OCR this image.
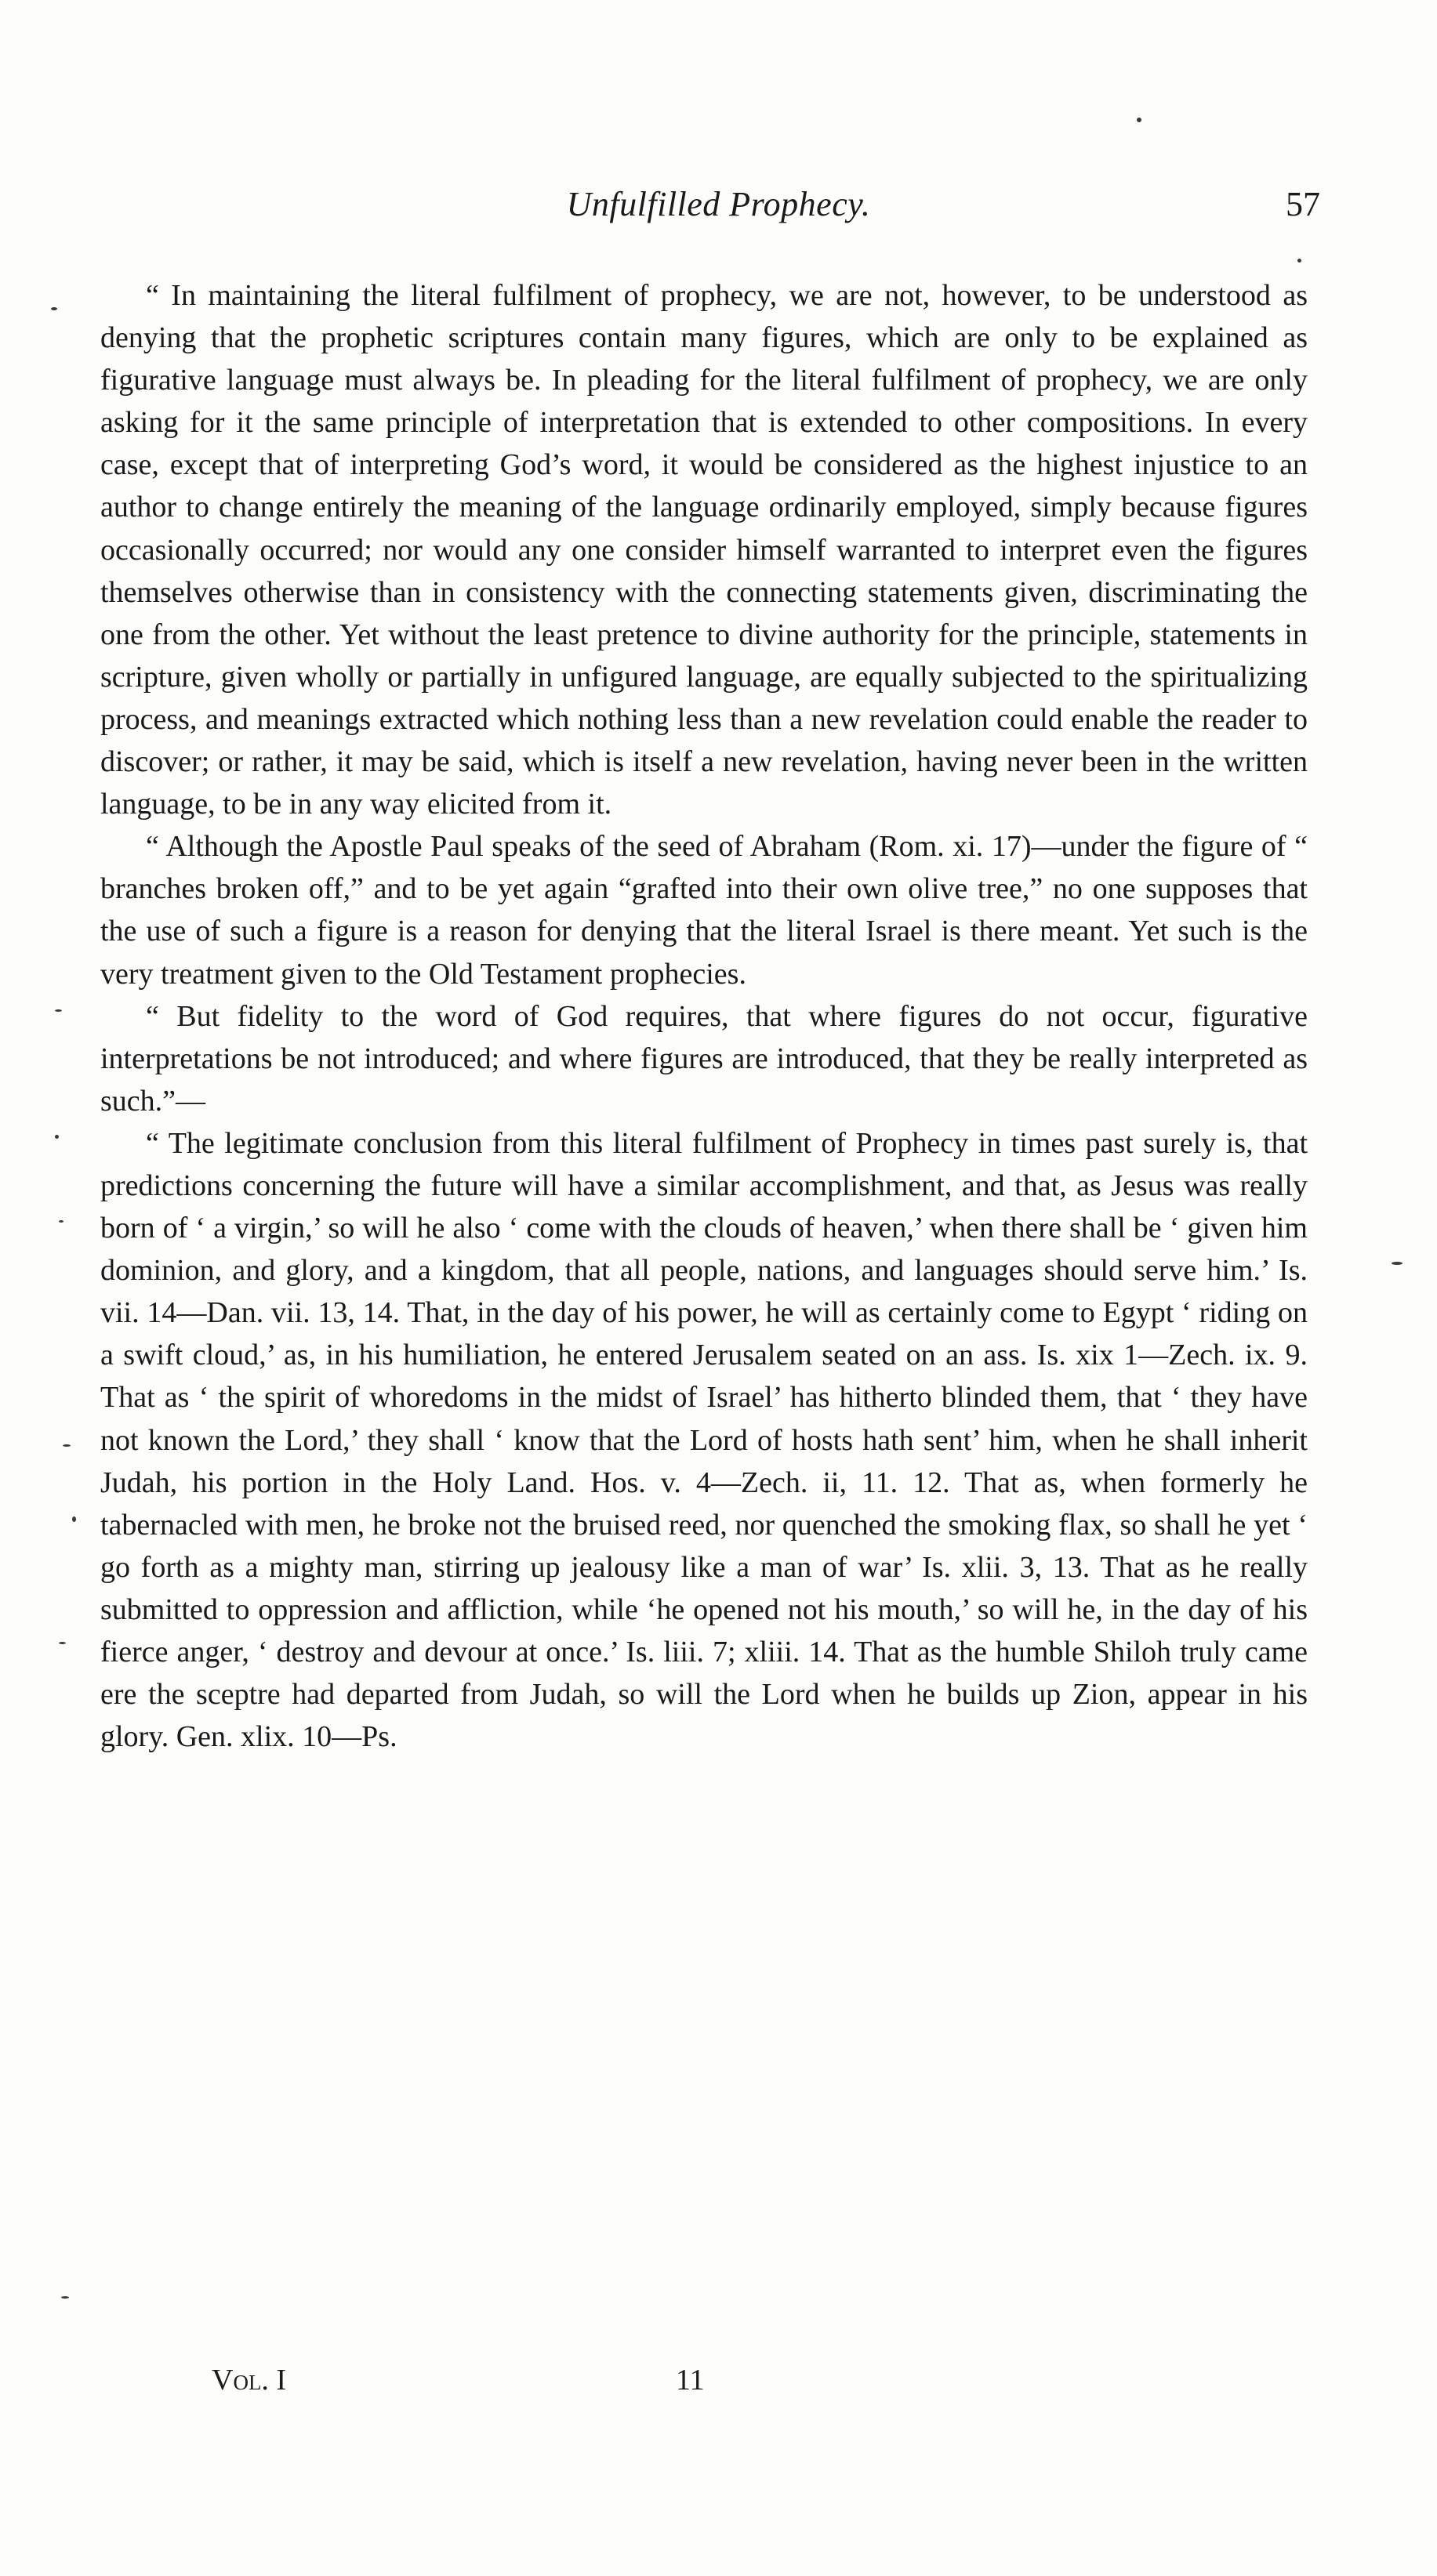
Unfulfilled Prophecy.	57

“ In maintaining the literal fulfilment of prophecy, we are not, however, to be understood as denying that the prophetic scriptures contain many figures, which are only to be explained as figurative language must always be. In pleading for the literal fulfilment of prophecy, we are only asking for it the same principle of interpretation that is extended to other compositions. In every case, except that of interpreting God’s word, it would be considered as the highest injustice to an author to change entirely the meaning of the language ordinarily employed, simply because figures occasionally occurred; nor would any one consider himself warranted to interpret even the figures themselves otherwise than in consistency with the connecting statements given, discriminating the one from the other. Yet without the least pretence to divine authority for the principle, statements in scripture, given wholly or partially in unfigured language, are equally subjected to the spiritualizing process, and meanings extracted which nothing less than a new revelation could enable the reader to discover; or rather, it may be said, which is itself a new revelation, having never been in the written language, to be in any way elicited from it.

“ Although the Apostle Paul speaks of the seed of Abraham (Rom. xi. 17)—under the figure of “ branches broken off,” and to be yet again “grafted into their own olive tree,” no one supposes that the use of such a figure is a reason for denying that the literal Israel is there meant. Yet such is the very treatment given to the Old Testament prophecies.

“ But fidelity to the word of God requires, that where figures do not occur, figurative interpretations be not introduced; and where figures are introduced, that they be really interpreted as such.”—

“ The legitimate conclusion from this literal fulfilment of Prophecy in times past surely is, that predictions concerning the future will have a similar accomplishment, and that, as Jesus was really born of ‘ a virgin,’ so will he also ‘ come with the clouds of heaven,’ when there shall be ‘ given him dominion, and glory, and a kingdom, that all people, nations, and languages should serve him.’ Is. vii. 14—Dan. vii. 13, 14. That, in the day of his power, he will as certainly come to Egypt ‘ riding on a swift cloud,’ as, in his humiliation, he entered Jerusalem seated on an ass. Is. xix 1—Zech. ix. 9. That as ‘ the spirit of whoredoms in the midst of Israel’ has hitherto blinded them, that ‘ they have not known the Lord,’ they shall ‘ know that the Lord of hosts hath sent’ him, when he shall inherit Judah, his portion in the Holy Land. Hos. v. 4—Zech. ii, 11. 12. That as, when formerly he tabernacled with men, he broke not the bruised reed, nor quenched the smoking flax, so shall he yet ‘ go forth as a mighty man, stirring up jealousy like a man of war’ Is. xlii. 3, 13. That as he really submitted to oppression and affliction, while ‘he opened not his mouth,’ so will he, in the day of his fierce anger, ‘ destroy and devour at once.’ Is. liii. 7; xliii. 14. That as the humble Shiloh truly came ere the sceptre had departed from Judah, so will the Lord when he builds up Zion, appear in his glory. Gen. xlix. 10—Ps.

Vol. I	11
